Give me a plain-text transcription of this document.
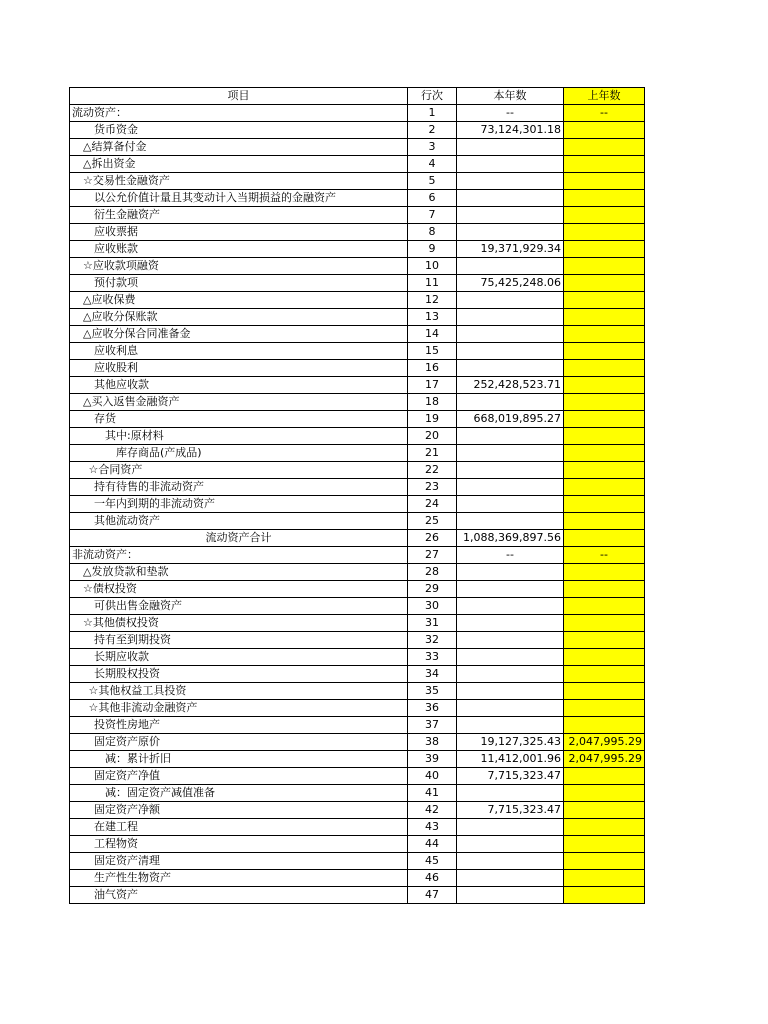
项目	行次	本年数	上年数
流动资产：	1	--	--
货币资金	2	73,124,301.18	
△结算备付金	3		
△拆出资金	4		
☆交易性金融资产	5		
以公允价值计量且其变动计入当期损益的金融资产	6		
衍生金融资产	7		
应收票据	8		
应收账款	9	19,371,929.34	
☆应收款项融资	10		
预付款项	11	75,425,248.06	
△应收保费	12		
△应收分保账款	13		
△应收分保合同准备金	14		
应收利息	15		
应收股利	16		
其他应收款	17	252,428,523.71	
△买入返售金融资产	18		
存货	19	668,019,895.27	
其中:原材料	20		
库存商品(产成品)	21		
☆合同资产	22		
持有待售的非流动资产	23		
一年内到期的非流动资产	24		
其他流动资产	25		
流动资产合计	26	1,088,369,897.56	
非流动资产：	27	--	--
△发放贷款和垫款	28		
☆债权投资	29		
可供出售金融资产	30		
☆其他债权投资	31		
持有至到期投资	32		
长期应收款	33		
长期股权投资	34		
☆其他权益工具投资	35		
☆其他非流动金融资产	36		
投资性房地产	37		
固定资产原价	38	19,127,325.43	2,047,995.29
减：累计折旧	39	11,412,001.96	2,047,995.29
固定资产净值	40	7,715,323.47	
减：固定资产减值准备	41		
固定资产净额	42	7,715,323.47	
在建工程	43		
工程物资	44		
固定资产清理	45		
生产性生物资产	46		
油气资产	47		
